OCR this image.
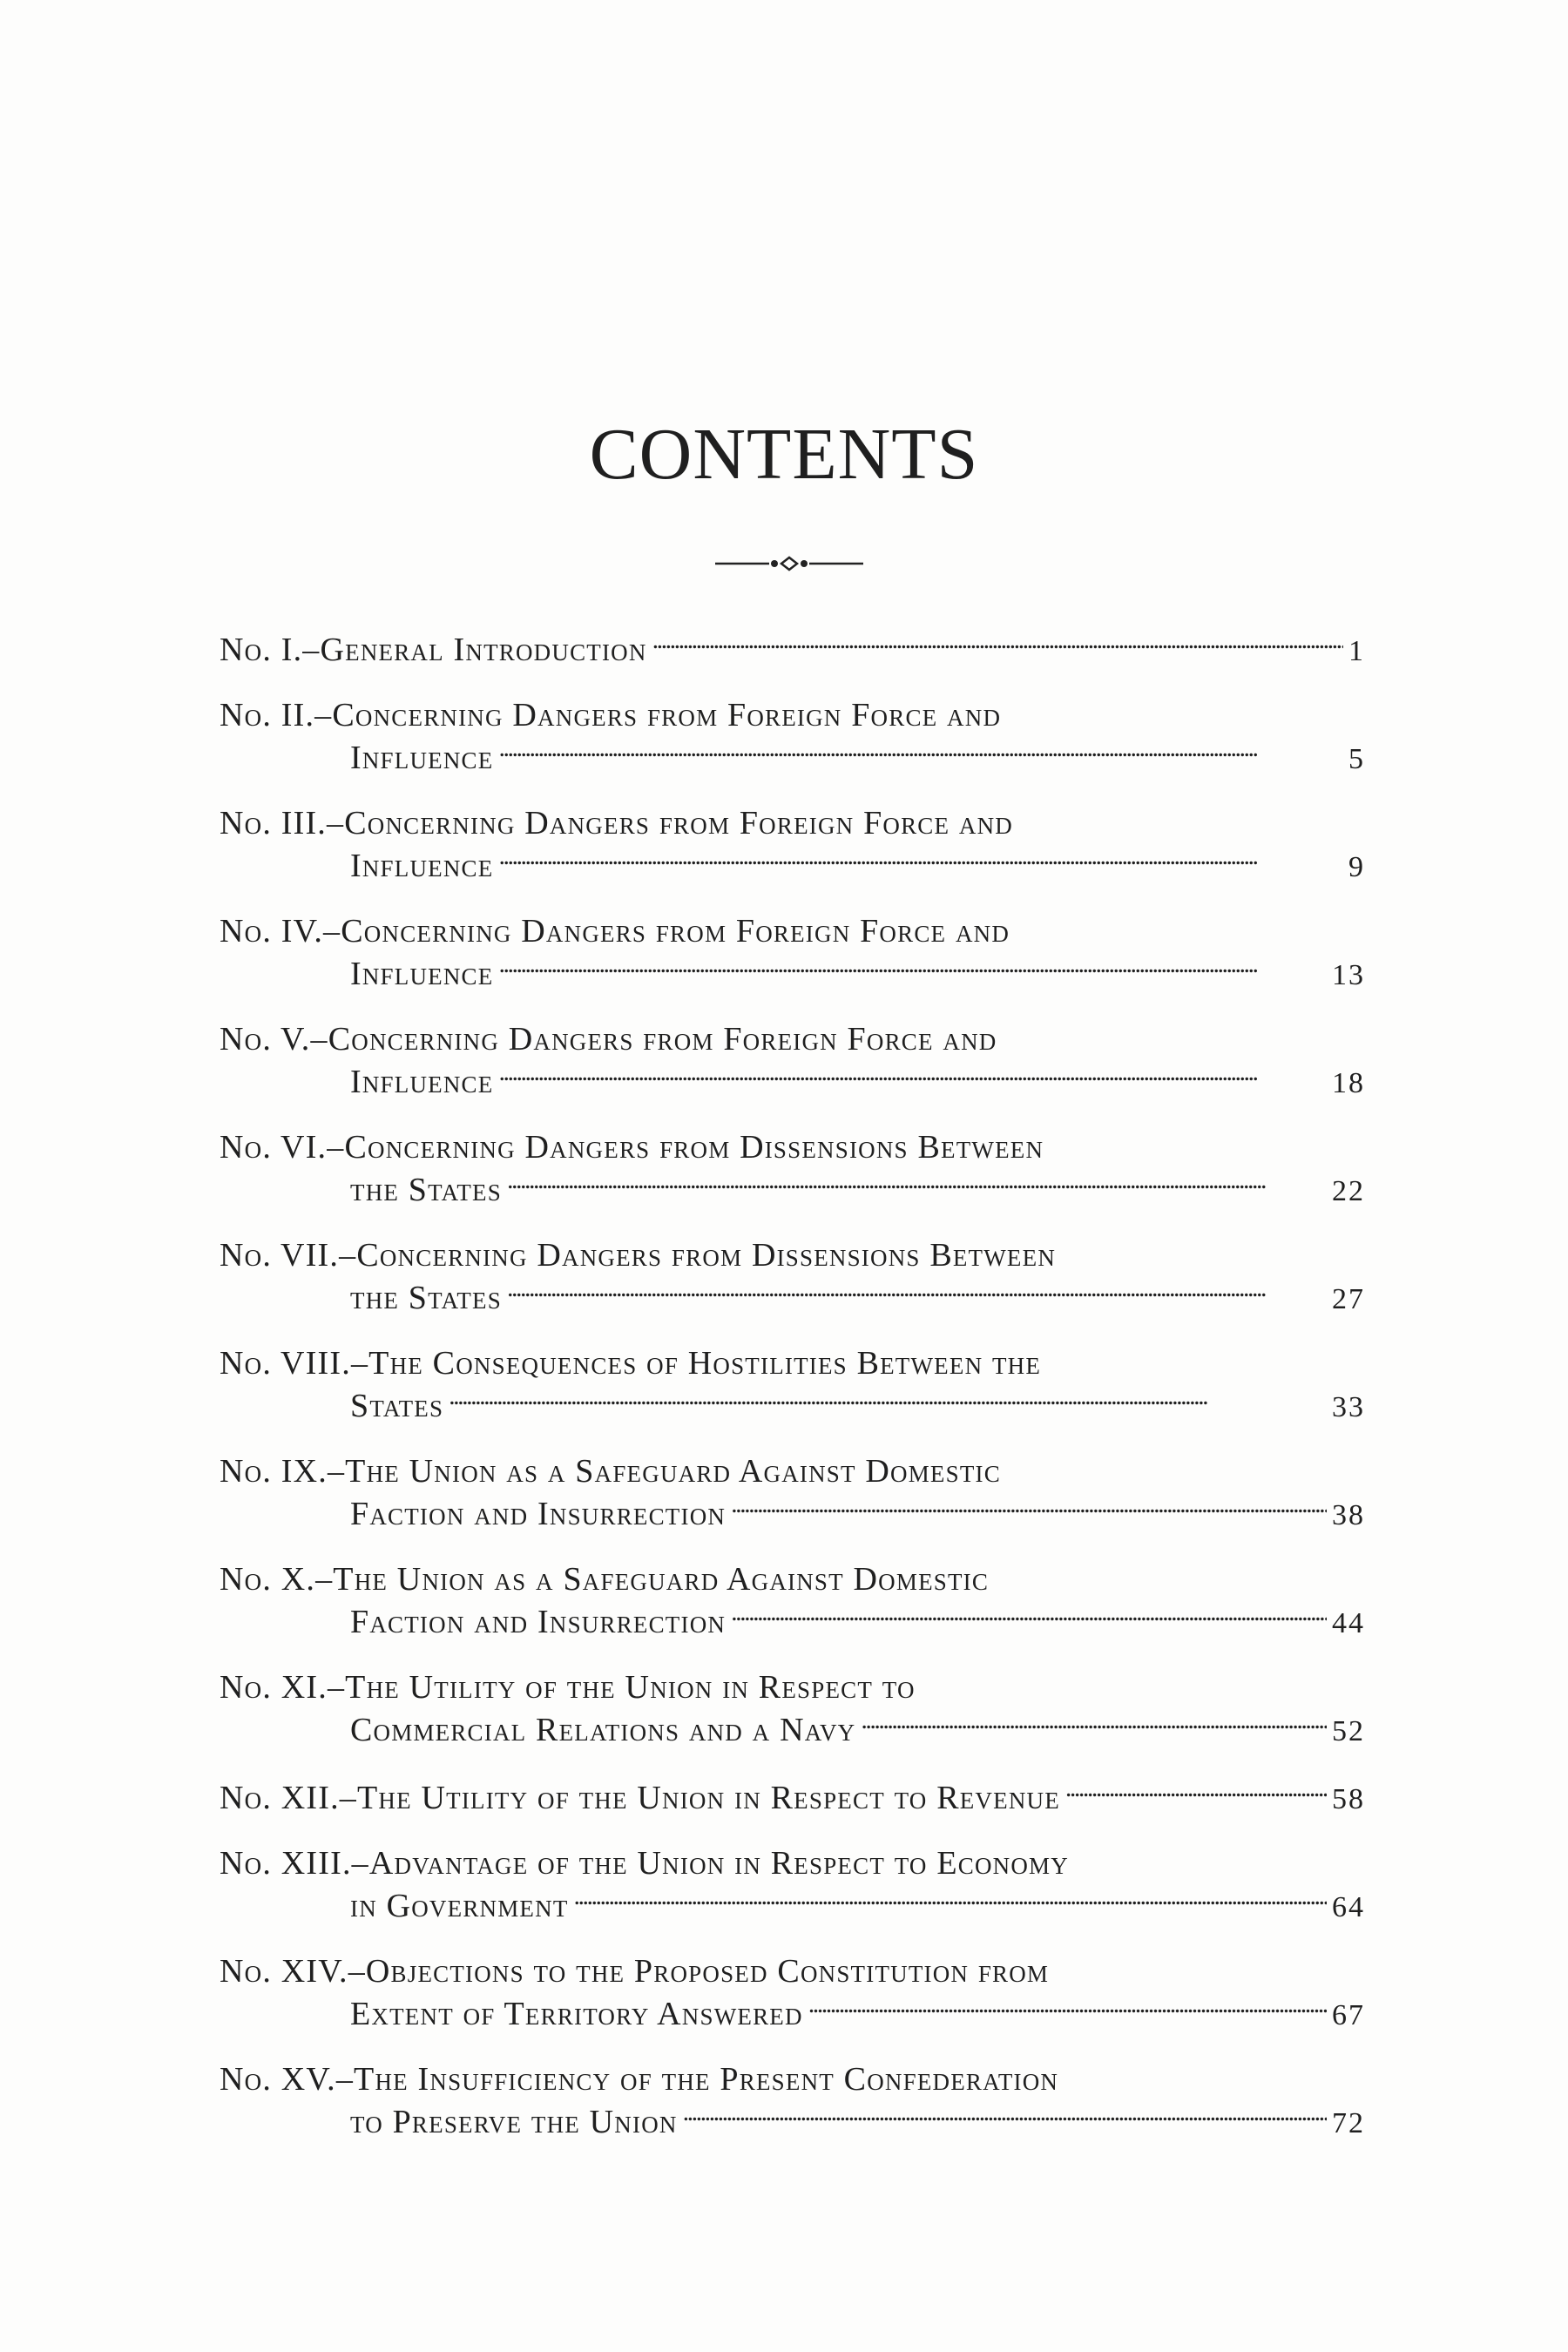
CONTENTS
No. I. – General Introduction . . .	1
No. II. – Concerning Dangers from Foreign Force and
Influence . . .	5
No. III. – Concerning Dangers from Foreign Force and
Influence . . .	9
No. IV. – Concerning Dangers from Foreign Force and
Influence . . .	13
No. V. – Concerning Dangers from Foreign Force and
Influence . . .	18
No. VI. – Concerning Dangers from Dissensions Between
the States . . .	22
No. VII. – Concerning Dangers from Dissensions Between
the States . . .	27
No. VIII. – The Consequences of Hostilities Between the
States . . .	33
No. IX. – The Union as a Safeguard Against Domestic
Faction and Insurrection . . .	38
No. X. – The Union as a Safeguard Against Domestic
Faction and Insurrection . . .	44
No. XI. – The Utility of the Union in Respect to
Commercial Relations and a Navy . . .	52
No. XII. – The Utility of the Union in Respect to Revenue . . .	58
No. XIII. – Advantage of the Union in Respect to Economy
in Government . . .	64
No. XIV. – Objections to the Proposed Constitution from
Extent of Territory Answered . . .	67
No. XV. – The Insufficiency of the Present Confederation
to Preserve the Union . . .	72
